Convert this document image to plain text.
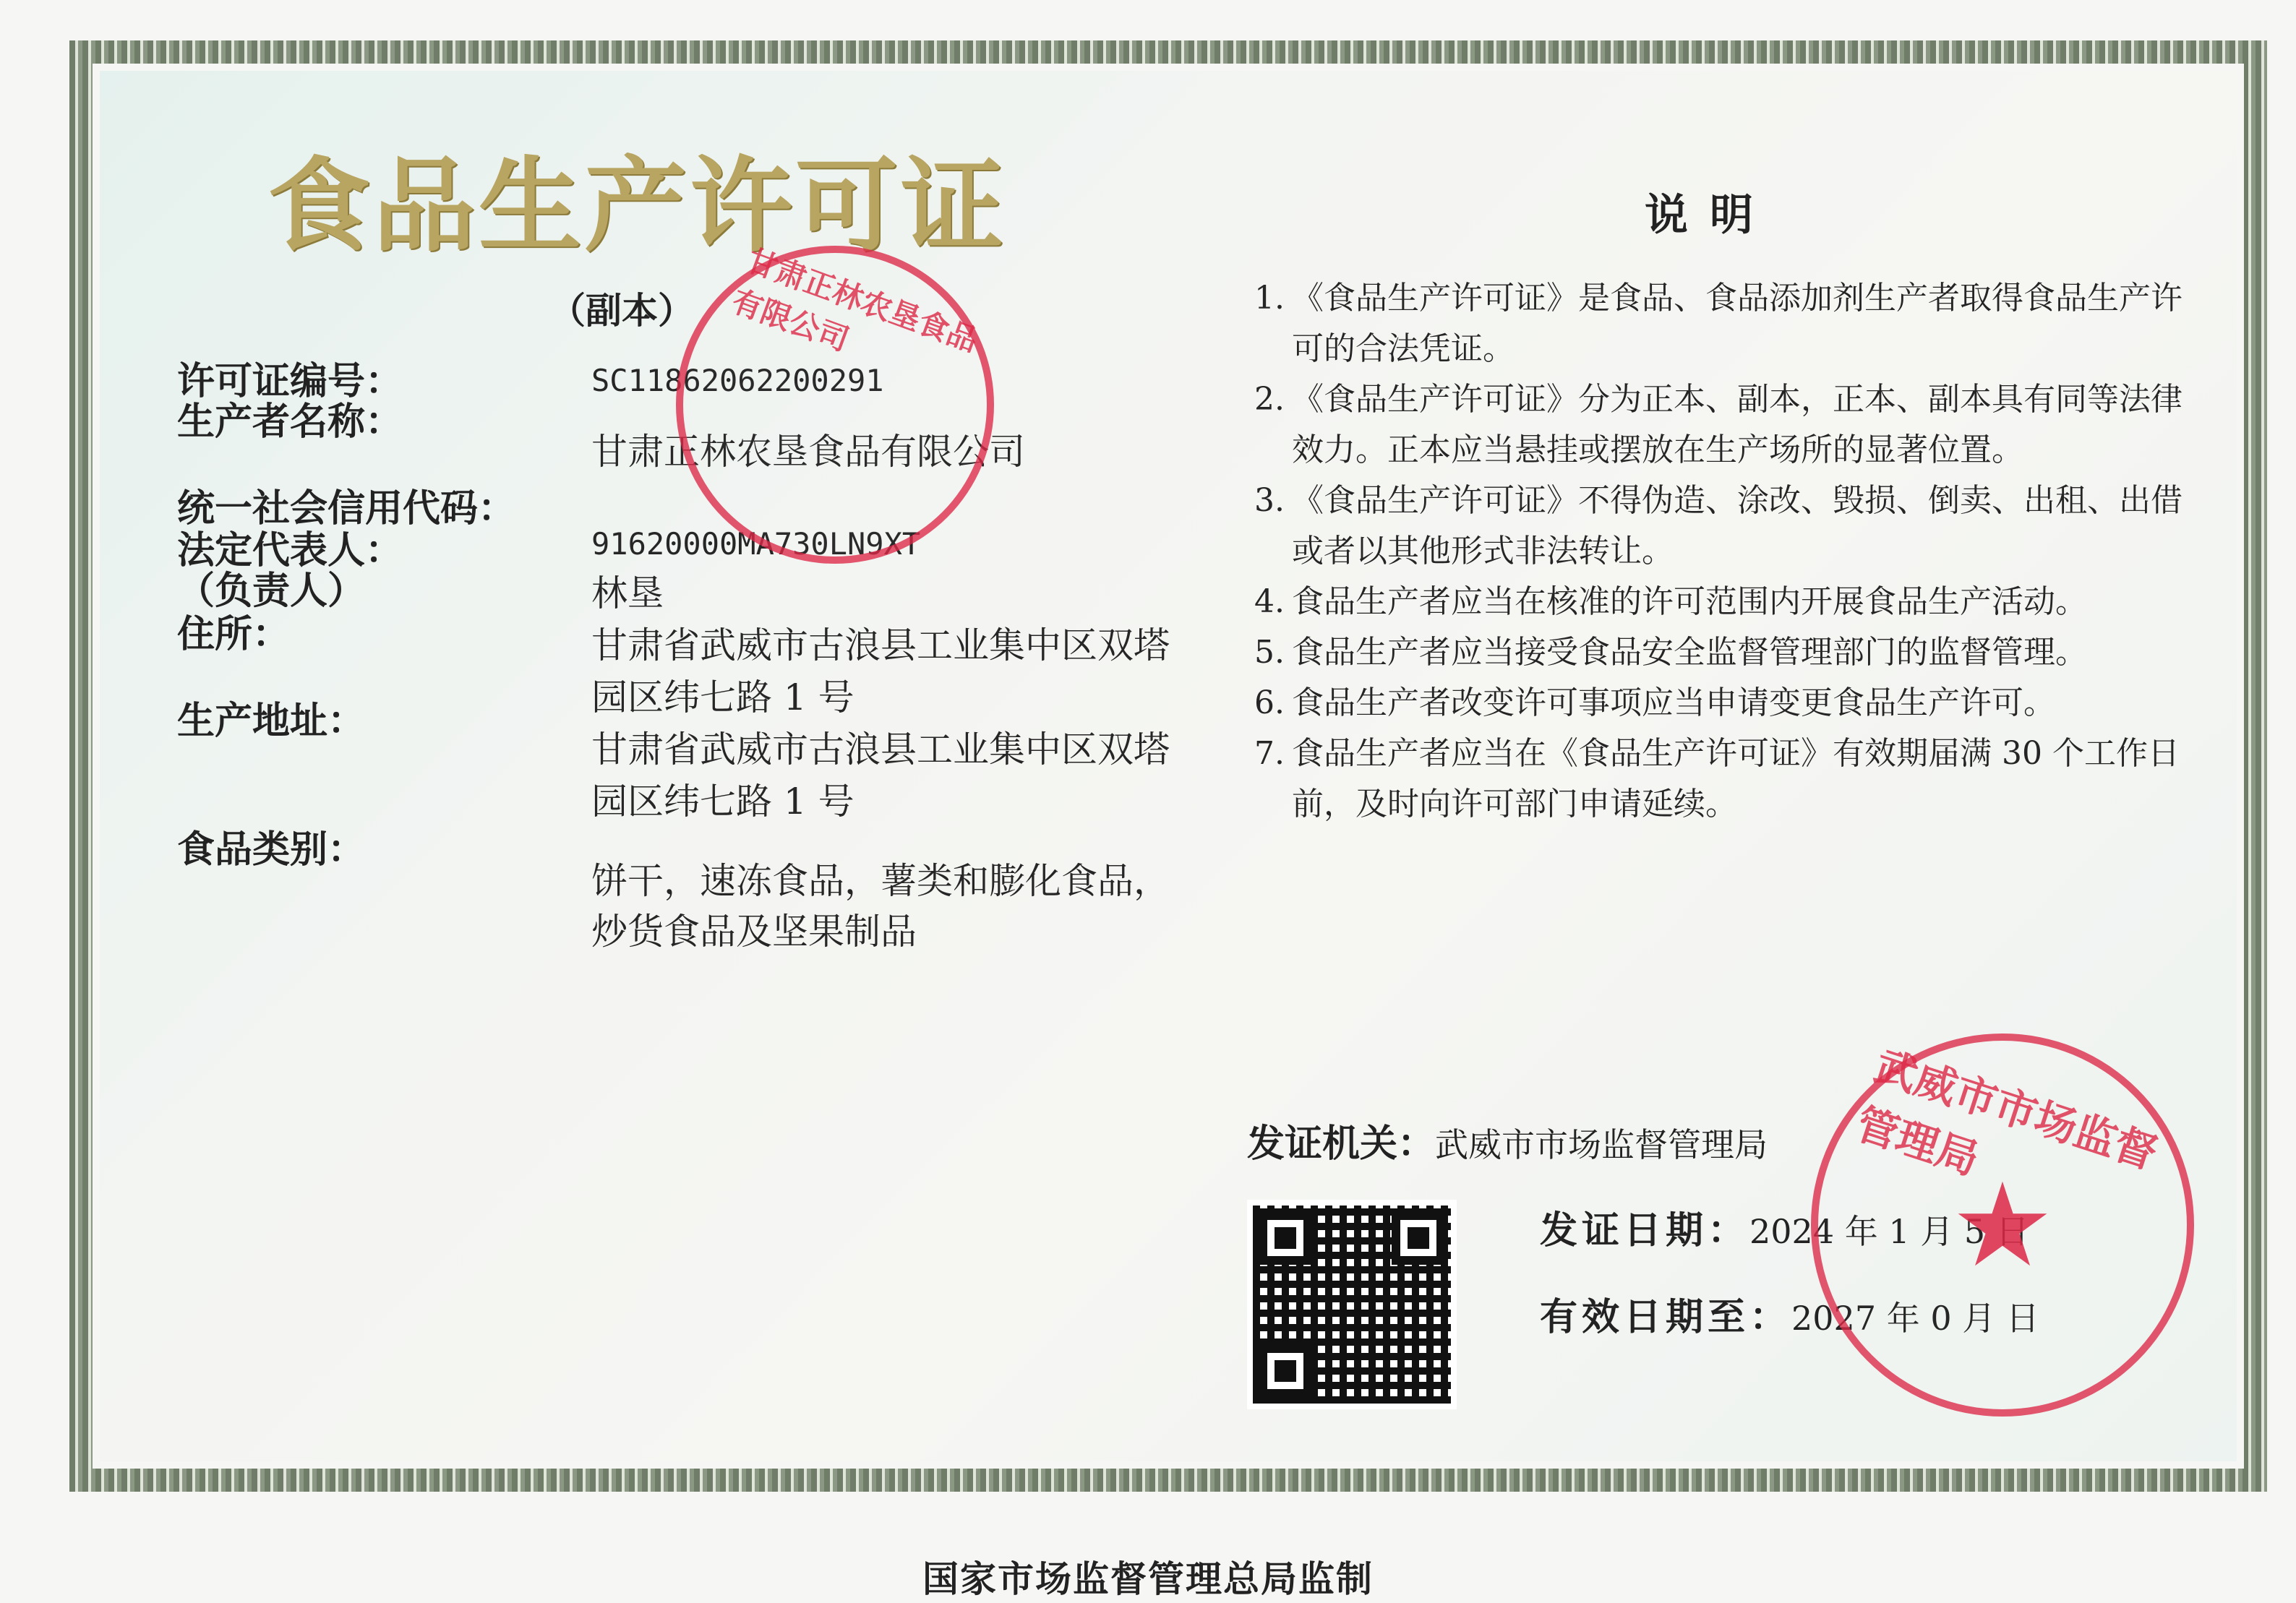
食品生产许可证
（副本）
许可证编号：	SC11862062200291
生产者名称：
甘肃正林农垦食品有限公司
统一社会信用代码：
91620000MA730LN9XT
法定代表人：
（负责人）	林垦
住所：	甘肃省武威市古浪县工业集中区双塔
园区纬七路 1 号
生产地址：
甘肃省武威市古浪县工业集中区双塔
园区纬七路 1 号
食品类别：
饼干，速冻食品，薯类和膨化食品，
炒货食品及坚果制品
说明
1. 《食品生产许可证》是食品、食品添加剂生产者取得食品生产许可的合法凭证。
2. 《食品生产许可证》分为正本、副本，正本、副本具有同等法律效力。正本应当悬挂或摆放在生产场所的显著位置。
3. 《食品生产许可证》不得伪造、涂改、毁损、倒卖、出租、出借或者以其他形式非法转让。
4. 食品生产者应当在核准的许可范围内开展食品生产活动。
5. 食品生产者应当接受食品安全监督管理部门的监督管理。
6. 食品生产者改变许可事项应当申请变更食品生产许可。
7. 食品生产者应当在《食品生产许可证》有效期届满 30 个工作日前，及时向许可部门申请延续。
发证机关：武威市市场监督管理局
发证日期：2024 年 1 月 5 日
有效日期至：2027 年 0 月 日
甘肃正林农垦食品有限公司
武威市市场监督管理局
★
国家市场监督管理总局监制
